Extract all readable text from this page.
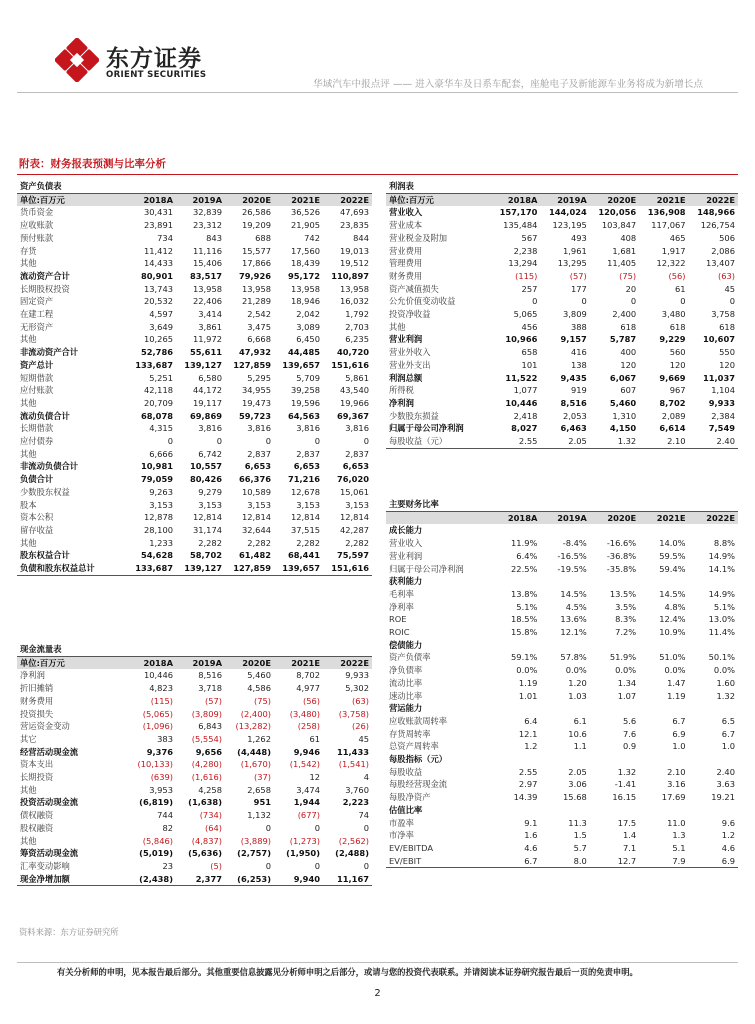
东方证券
ORIENT SECURITIES
华域汽车中报点评 —— 进入豪华车及日系车配套，座舱电子及新能源车业务将成为新增长点
附表：财务报表预测与比率分析
资产负债表					
单位:百万元	2018A	2019A	2020E	2021E	2022E
货币资金	30,431	32,839	26,586	36,526	47,693
应收账款	23,891	23,312	19,209	21,905	23,835
预付账款	734	843	688	742	844
存货	11,412	11,116	15,577	17,560	19,013
其他	14,433	15,406	17,866	18,439	19,512
流动资产合计	80,901	83,517	79,926	95,172	110,897
长期股权投资	13,743	13,958	13,958	13,958	13,958
固定资产	20,532	22,406	21,289	18,946	16,032
在建工程	4,597	3,414	2,542	2,042	1,792
无形资产	3,649	3,861	3,475	3,089	2,703
其他	10,265	11,972	6,668	6,450	6,235
非流动资产合计	52,786	55,611	47,932	44,485	40,720
资产总计	133,687	139,127	127,859	139,657	151,616
短期借款	5,251	6,580	5,295	5,709	5,861
应付账款	42,118	44,172	34,955	39,258	43,540
其他	20,709	19,117	19,473	19,596	19,966
流动负债合计	68,078	69,869	59,723	64,563	69,367
长期借款	4,315	3,816	3,816	3,816	3,816
应付债券	0	0	0	0	0
其他	6,666	6,742	2,837	2,837	2,837
非流动负债合计	10,981	10,557	6,653	6,653	6,653
负债合计	79,059	80,426	66,376	71,216	76,020
少数股东权益	9,263	9,279	10,589	12,678	15,061
股本	3,153	3,153	3,153	3,153	3,153
资本公积	12,878	12,814	12,814	12,814	12,814
留存收益	28,100	31,174	32,644	37,515	42,287
其他	1,233	2,282	2,282	2,282	2,282
股东权益合计	54,628	58,702	61,482	68,441	75,597
负债和股东权益总计	133,687	139,127	127,859	139,657	151,616
利润表					
单位:百万元	2018A	2019A	2020E	2021E	2022E
营业收入	157,170	144,024	120,056	136,908	148,966
营业成本	135,484	123,195	103,847	117,067	126,754
营业税金及附加	567	493	408	465	506
营业费用	2,238	1,961	1,681	1,917	2,086
管理费用	13,294	13,295	11,405	12,322	13,407
财务费用	(115)	(57)	(75)	(56)	(63)
资产减值损失	257	177	20	61	45
公允价值变动收益	0	0	0	0	0
投资净收益	5,065	3,809	2,400	3,480	3,758
其他	456	388	618	618	618
营业利润	10,966	9,157	5,787	9,229	10,607
营业外收入	658	416	400	560	550
营业外支出	101	138	120	120	120
利润总额	11,522	9,435	6,067	9,669	11,037
所得税	1,077	919	607	967	1,104
净利润	10,446	8,516	5,460	8,702	9,933
少数股东损益	2,418	2,053	1,310	2,089	2,384
归属于母公司净利润	8,027	6,463	4,150	6,614	7,549
每股收益（元）	2.55	2.05	1.32	2.10	2.40
主要财务比率					
	2018A	2019A	2020E	2021E	2022E
成长能力					
营业收入	11.9%	-8.4%	-16.6%	14.0%	8.8%
营业利润	6.4%	-16.5%	-36.8%	59.5%	14.9%
归属于母公司净利润	22.5%	-19.5%	-35.8%	59.4%	14.1%
获利能力					
毛利率	13.8%	14.5%	13.5%	14.5%	14.9%
净利率	5.1%	4.5%	3.5%	4.8%	5.1%
ROE	18.5%	13.6%	8.3%	12.4%	13.0%
ROIC	15.8%	12.1%	7.2%	10.9%	11.4%
偿债能力					
资产负债率	59.1%	57.8%	51.9%	51.0%	50.1%
净负债率	0.0%	0.0%	0.0%	0.0%	0.0%
流动比率	1.19	1.20	1.34	1.47	1.60
速动比率	1.01	1.03	1.07	1.19	1.32
营运能力					
应收账款周转率	6.4	6.1	5.6	6.7	6.5
存货周转率	12.1	10.6	7.6	6.9	6.7
总资产周转率	1.2	1.1	0.9	1.0	1.0
每股指标（元）					
每股收益	2.55	2.05	1.32	2.10	2.40
每股经营现金流	2.97	3.06	-1.41	3.16	3.63
每股净资产	14.39	15.68	16.15	17.69	19.21
估值比率					
市盈率	9.1	11.3	17.5	11.0	9.6
市净率	1.6	1.5	1.4	1.3	1.2
EV/EBITDA	4.6	5.7	7.1	5.1	4.6
EV/EBIT	6.7	8.0	12.7	7.9	6.9
现金流量表					
单位:百万元	2018A	2019A	2020E	2021E	2022E
净利润	10,446	8,516	5,460	8,702	9,933
折旧摊销	4,823	3,718	4,586	4,977	5,302
财务费用	(115)	(57)	(75)	(56)	(63)
投资损失	(5,065)	(3,809)	(2,400)	(3,480)	(3,758)
营运资金变动	(1,096)	6,843	(13,282)	(258)	(26)
其它	383	(5,554)	1,262	61	45
经营活动现金流	9,376	9,656	(4,448)	9,946	11,433
资本支出	(10,133)	(4,280)	(1,670)	(1,542)	(1,541)
长期投资	(639)	(1,616)	(37)	12	4
其他	3,953	4,258	2,658	3,474	3,760
投资活动现金流	(6,819)	(1,638)	951	1,944	2,223
债权融资	744	(734)	1,132	(677)	74
股权融资	82	(64)	0	0	0
其他	(5,846)	(4,837)	(3,889)	(1,273)	(2,562)
筹资活动现金流	(5,019)	(5,636)	(2,757)	(1,950)	(2,488)
汇率变动影响	23	(5)	0	0	0
现金净增加额	(2,438)	2,377	(6,253)	9,940	11,167
资料来源：东方证券研究所
有关分析师的申明，见本报告最后部分。其他重要信息披露见分析师申明之后部分，或请与您的投资代表联系。并请阅读本证券研究报告最后一页的免责申明。
2
